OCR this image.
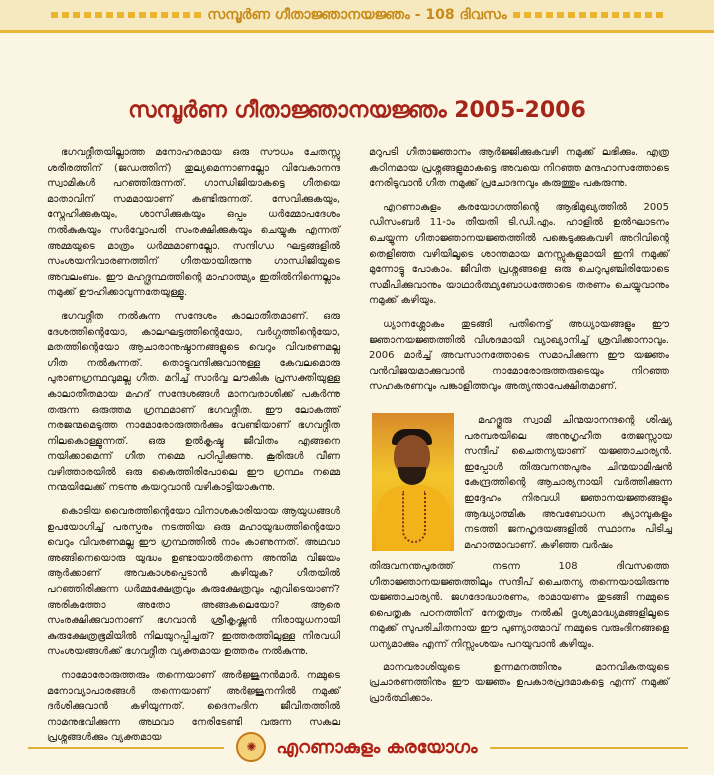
സമ്പൂർണ ഗീതാജ്ഞാനയജ്ഞം - 108 ദിവസം
സമ്പൂർണ ഗീതാജ്ഞാനയജ്ഞം 2005-2006

ഭഗവദ്ഗീതയില്ലാത്ത മനോഹരമായ ഒരു സൗധം ചേതസ്സു ശരീരത്തിന് (ജഡത്തിന്) തുല്യമെന്നാണല്ലോ വിവേകാനന്ദ സ്വാമികൾ പറഞ്ഞിരുന്നത്. ഗാന്ധിജിയാകട്ടെ ഗീതയെ മാതാവിന് സമമായാണ് കണ്ടിരുന്നത്. സേവിക്കുകയും, സ്നേഹിക്കുകയും, ശാസിക്കുകയും ഒപ്പം ധർമ്മോപദേശം നൽകുകയും സർവ്വോപരി സംരക്ഷിക്കുകയും ചെയ്യുക എന്നത് അമ്മയുടെ മാത്രം ധർമ്മമാണല്ലോ. സന്ദിഗ്ധ ഘട്ടങ്ങളിൽ സംശയനിവാരണത്തിന് ഗീതയായിരുന്നു ഗാന്ധിജിയുടെ അവലംബം. ഈ മഹദ്ഗ്രന്ഥത്തിന്റെ മാഹാത്മ്യം ഇതിൽനിന്നെല്ലാം നമുക്ക് ഊഹിക്കാവുന്നതേയുള്ളൂ.

ഭഗവദ്ഗീത നൽകുന്ന സന്ദേശം കാലാതീതമാണ്. ഒരു ദേശത്തിന്റെയോ, കാലഘട്ടത്തിന്റെയോ, വർഗ്ഗത്തിന്റെയോ, മതത്തിന്റെയോ ആചാരാനുഷ്ഠാനങ്ങളുടെ വെറും വിവരണമല്ല ഗീത നൽകുന്നത്. തൊട്ടുവന്ദിക്കുവാനുള്ള കേവലമൊരു പുരാണഗ്രന്ഥവുമല്ല ഗീത. മറിച്ച് സാർവ്വ ലൗകിക പ്രസക്തിയുള്ള കാലാതീതമായ മഹദ് സന്ദേശങ്ങൾ മാനവരാശിക്ക് പകർന്നു തരുന്ന ഒരുത്തമ ഗ്രന്ഥമാണ് ഭഗവദ്ഗീത. ഈ ലോകത്ത് നരജന്മമെടുത്ത നാമോരോരുത്തർക്കും വേണ്ടിയാണ് ഭഗവദ്ഗീത നിലകൊള്ളുന്നത്. ഒരു ഉൽകൃഷ്ട ജീവിതം എങ്ങനെ നയിക്കാമെന്ന് ഗീത നമ്മെ പഠിപ്പിക്കുന്നു. കൂരിരുൾ വീണ വഴിത്താരയിൽ ഒരു കൈത്തിരിപോലെ ഈ ഗ്രന്ഥം നമ്മെ നന്മയിലേക്ക് നടന്നു കയറുവാൻ വഴികാട്ടിയാകുന്നു.

കൊടിയ വൈരത്തിന്റെയോ വിനാശകാരിയായ ആയുധങ്ങൾ ഉപയോഗിച്ച് പരസ്പരം നടത്തിയ ഒരു മഹായുദ്ധത്തിന്റെയോ വെറും വിവരണമല്ല ഈ ഗ്രന്ഥത്തിൽ നാം കാണുന്നത്. അഥവാ അങ്ങിനെയൊരു യുദ്ധം ഉണ്ടായാൽതന്നെ അന്തിമ വിജയം ആർക്കാണ് അവകാശപ്പെടാൻ കഴിയുക? ഗീതയിൽ പറഞ്ഞിരിക്കുന്ന ധർമ്മക്ഷേത്രവും കുരുക്ഷേത്രവും എവിടെയാണ്? അരികത്തോ അതോ അങ്ങകലെയോ? ആരെ സംരക്ഷിക്കുവാനാണ് ഭഗവാൻ ശ്രീകൃഷ്ണൻ നിരായുധനായി കുരുക്ഷേത്രഭൂമിയിൽ നിലയുറപ്പിച്ചത്? ഇത്തരത്തിലുള്ള നിരവധി സംശയങ്ങൾക്ക് ഭഗവദ്ഗീത വ്യക്തമായ ഉത്തരം നൽകുന്നു.

നാമോരോരുത്തരും തന്നെയാണ് അർജ്ജുനൻമാർ. നമ്മുടെ മനോവ്യാപാരങ്ങൾ തന്നെയാണ് അർജ്ജുനനിൽ നമുക്ക് ദർശിക്കുവാൻ കഴിയുന്നത്. ദൈനംദിന ജീവിതത്തിൽ നാമനുഭവിക്കുന്ന അഥവാ നേരിടേണ്ടി വരുന്ന സകല പ്രശ്നങ്ങൾക്കും വ്യക്തമായ

മറുപടി ഗീതാജ്ഞാനം ആർജ്ജിക്കുകവഴി നമുക്ക് ലഭിക്കും. എത്ര കഠിനമായ പ്രശ്നങ്ങളുമാകട്ടെ അവയെ നിറഞ്ഞ മന്ദഹാസത്തോടെ നേരിടുവാൻ ഗീത നമുക്ക് പ്രചോദനവും കരുത്തും പകരുന്നു.

എറണാകുളം കരയോഗത്തിന്റെ ആഭിമുഖ്യത്തിൽ 2005 ഡിസംബർ 11-ാം തീയതി ടി.ഡി.എം. ഹാളിൽ ഉൽഘാടനം ചെയ്യുന്ന ഗീതാജ്ഞാനയജ്ഞത്തിൽ പങ്കെടുക്കുകവഴി അറിവിന്റെ തെളിഞ്ഞ വഴിയിലൂടെ ശാന്തമായ മനസ്സുകളുമായി ഇനി നമുക്ക് മുന്നോട്ടു പോകാം. ജീവിത പ്രശ്നങ്ങളെ ഒരു ചെറുപുഞ്ചിരിയോടെ സമീപിക്കുവാനും യാഥാർത്ഥ്യബോധത്തോടെ തരണം ചെയ്യുവാനും നമുക്ക് കഴിയും.

ധ്യാനശ്ലോകം തുടങ്ങി പതിനെട്ട് അധ്യായങ്ങളും ഈ ജ്ഞാനയജ്ഞത്തിൽ വിശദമായി വ്യാഖ്യാനിച്ച് ശ്രവിക്കാനാവും. 2006 മാർച്ച് അവസാനത്തോടെ സമാപിക്കുന്ന ഈ യജ്ഞം വൻവിജയമാക്കുവാൻ നാമോരോരുത്തരുടെയും നിറഞ്ഞ സഹകരണവും പങ്കാളിത്തവും അത്യന്താപേക്ഷിതമാണ്.

മഹദ്ഗുരു സ്വാമി ചിന്മയാനന്ദന്റെ ശിഷ്യ പരമ്പരയിലെ അനുഗൃഹീത തേജസ്സായ സന്ദീപ് ചൈതന്യയാണ് യജ്ഞാചാര്യൻ. ഇപ്പോൾ തിരുവനന്തപുരം ചിന്മയാമിഷൻ കേന്ദ്രത്തിന്റെ ആചാര്യനായി വർത്തിക്കുന്ന ഇദ്ദേഹം നിരവധി ജ്ഞാനയജ്ഞങ്ങളും ആദ്ധ്യാത്മിക അവബോധന ക്യാമ്പുകളും നടത്തി ജനഹൃദയങ്ങളിൽ സ്ഥാനം പിടിച്ച മഹാത്മാവാണ്. കഴിഞ്ഞ വർഷം

തിരുവനന്തപുരത്ത് നടന്ന 108 ദിവസത്തെ ഗീതാജ്ഞാനയജ്ഞത്തിലും സന്ദീപ് ചൈതന്യ തന്നെയായിരുന്നു യജ്ഞാചാര്യൻ. ജഗദോദ്ധാരണം, രാമായണം തുടങ്ങി നമ്മുടെ പൈതൃക പഠനത്തിന് നേതൃത്വം നൽകി ദൃശ്യമാദ്ധ്യമങ്ങളിലൂടെ നമുക്ക് സുപരിചിതനായ ഈ പുണ്യാത്മാവ് നമ്മുടെ വരുംദിനങ്ങളെ ധന്യമാക്കും എന്ന് നിസ്സംശയം പറയുവാൻ കഴിയും.

മാനവരാശിയുടെ ഉന്നമനത്തിനും മാനവികതയുടെ പ്രചാരണത്തിനും ഈ യജ്ഞം ഉപകാരപ്രദമാകട്ടെ എന്ന് നമുക്ക് പ്രാർത്ഥിക്കാം.

✺	എറണാകുളം കരയോഗം
